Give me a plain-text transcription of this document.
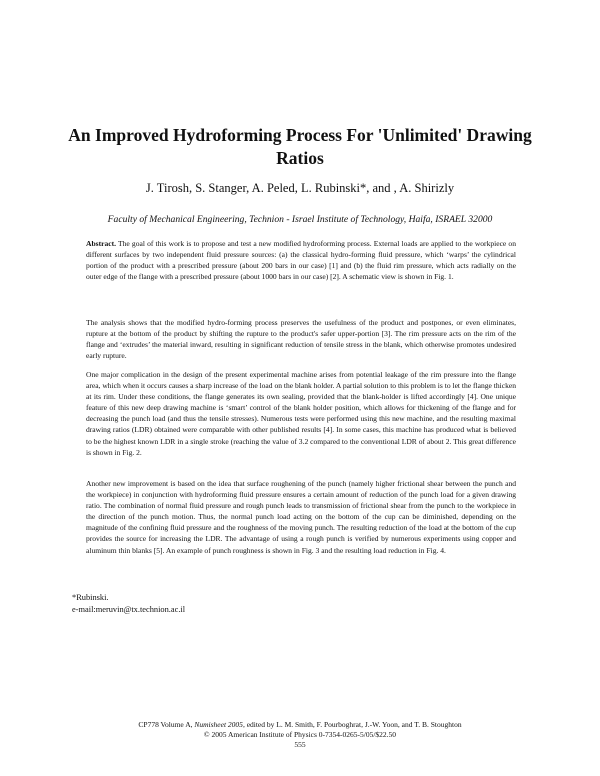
An Improved Hydroforming Process For 'Unlimited' Drawing Ratios
J. Tirosh, S. Stanger, A. Peled, L. Rubinski*, and , A. Shirizly
Faculty of Mechanical Engineering, Technion - Israel Institute of Technology, Haifa, ISRAEL 32000

Abstract. The goal of this work is to propose and test a new modified hydroforming process. External loads are applied to the workpiece on different surfaces by two independent fluid pressure sources: (a) the classical hydro-forming fluid pressure, which ‘warps’ the cylindrical portion of the product with a prescribed pressure (about 200 bars in our case) [1] and (b) the fluid rim pressure, which acts radially on the outer edge of the flange with a prescribed pressure (about 1000 bars in our case) [2]. A schematic view is shown in Fig. 1.

The analysis shows that the modified hydro-forming process preserves the usefulness of the product and postpones, or even eliminates, rupture at the bottom of the product by shifting the rupture to the product's safer upper-portion [3]. The rim pressure acts on the rim of the flange and ‘extrudes’ the material inward, resulting in significant reduction of tensile stress in the blank, which otherwise promotes undesired early rupture.

One major complication in the design of the present experimental machine arises from potential leakage of the rim pressure into the flange area, which when it occurs causes a sharp increase of the load on the blank holder. A partial solution to this problem is to let the flange thicken at its rim. Under these conditions, the flange generates its own sealing, provided that the blank-holder is lifted accordingly [4]. One unique feature of this new deep drawing machine is ‘smart’ control of the blank holder position, which allows for thickening of the flange and for decreasing the punch load (and thus the tensile stresses). Numerous tests were performed using this new machine, and the resulting maximal drawing ratios (LDR) obtained were comparable with other published results [4]. In some cases, this machine has produced what is believed to be the highest known LDR in a single stroke (reaching the value of 3.2 compared to the conventional LDR of about 2. This great difference is shown in Fig. 2.

Another new improvement is based on the idea that surface roughening of the punch (namely higher frictional shear between the punch and the workpiece) in conjunction with hydroforming fluid pressure ensures a certain amount of reduction of the punch load for a given drawing ratio. The combination of normal fluid pressure and rough punch leads to transmission of frictional shear from the punch to the workpiece in the direction of the punch motion. Thus, the normal punch load acting on the bottom of the cup can be diminished, depending on the magnitude of the confining fluid pressure and the roughness of the moving punch. The resulting reduction of the load at the bottom of the cup provides the source for increasing the LDR. The advantage of using a rough punch is verified by numerous experiments using copper and aluminum thin blanks [5]. An example of punch roughness is shown in Fig. 3 and the resulting load reduction in Fig. 4.

*Rubinski.
e-mail:meruvin@tx.technion.ac.il
CP778 Volume A, Numisheet 2005, edited by L. M. Smith, F. Pourboghrat, J.-W. Yoon, and T. B. Stoughton
© 2005 American Institute of Physics 0-7354-0265-5/05/$22.50
555
